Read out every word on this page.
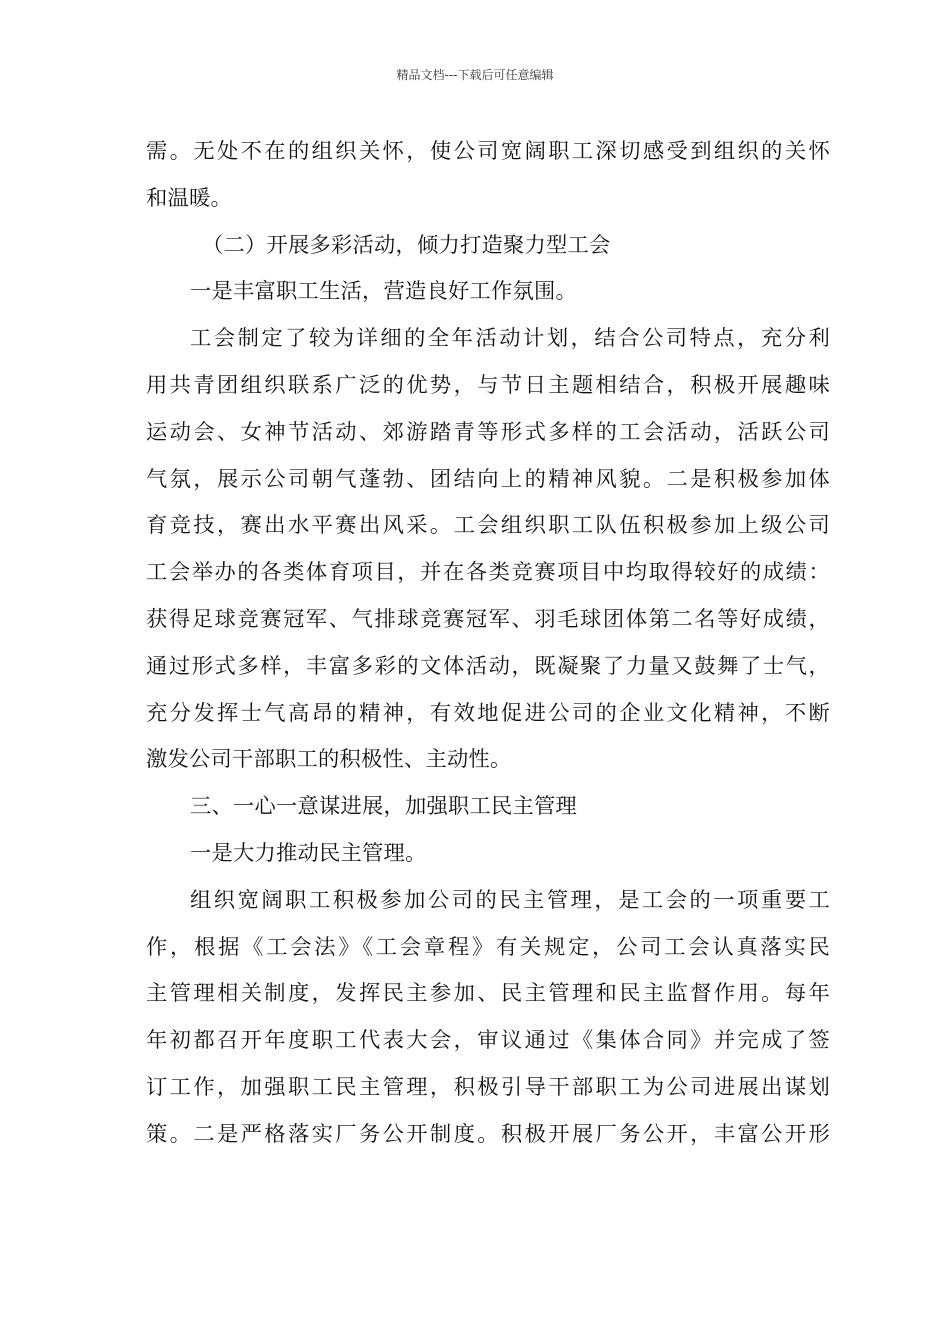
精品文档---下载后可任意编辑
需。无处不在的组织关怀，使公司宽阔职工深切感受到组织的关怀
和温暖。
（二）开展多彩活动，倾力打造聚力型工会
一是丰富职工生活，营造良好工作氛围。
工会制定了较为详细的全年活动计划，结合公司特点，充分利
用共青团组织联系广泛的优势，与节日主题相结合，积极开展趣味
运动会、女神节活动、郊游踏青等形式多样的工会活动，活跃公司
气氛，展示公司朝气蓬勃、团结向上的精神风貌。二是积极参加体
育竞技，赛出水平赛出风采。工会组织职工队伍积极参加上级公司
工会举办的各类体育项目，并在各类竞赛项目中均取得较好的成绩：
获得足球竞赛冠军、气排球竞赛冠军、羽毛球团体第二名等好成绩，
通过形式多样，丰富多彩的文体活动，既凝聚了力量又鼓舞了士气，
充分发挥士气高昂的精神，有效地促进公司的企业文化精神，不断
激发公司干部职工的积极性、主动性。
三、一心一意谋进展，加强职工民主管理
一是大力推动民主管理。
组织宽阔职工积极参加公司的民主管理，是工会的一项重要工
作，根据《工会法》《工会章程》有关规定，公司工会认真落实民
主管理相关制度，发挥民主参加、民主管理和民主监督作用。每年
年初都召开年度职工代表大会，审议通过《集体合同》并完成了签
订工作，加强职工民主管理，积极引导干部职工为公司进展出谋划
策。二是严格落实厂务公开制度。积极开展厂务公开，丰富公开形
